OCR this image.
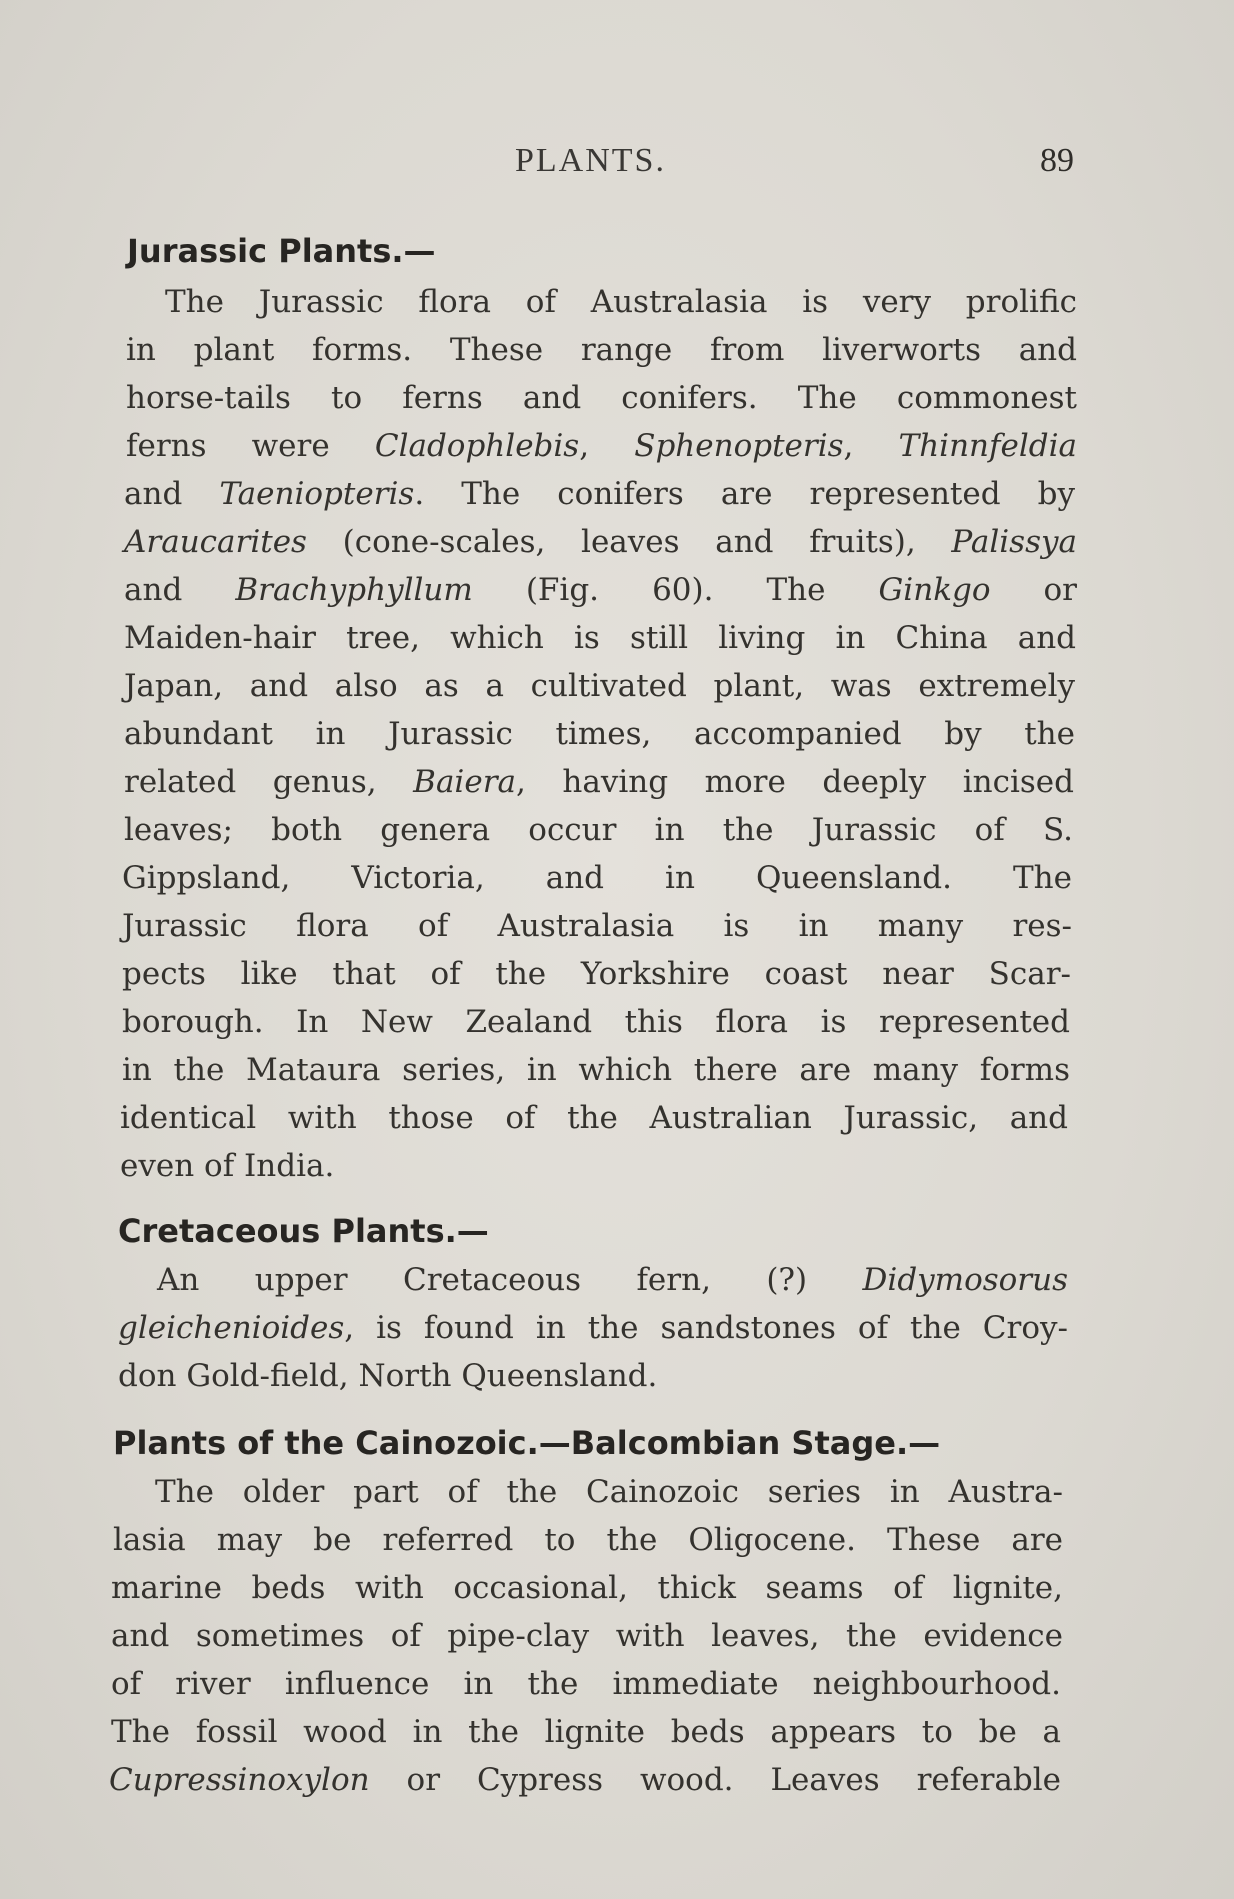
PLANTS.	89
Jurassic Plants.—
The Jurassic flora of Australasia is very prolific
in plant forms. These range from liverworts and
horse-tails to ferns and conifers. The commonest
ferns were Cladophlebis, Sphenopteris, Thinnfeldia
and Taeniopteris. The conifers are represented by
Araucarites (cone-scales, leaves and fruits), Palissya
and Brachyphyllum (Fig. 60). The Ginkgo or
Maiden-hair tree, which is still living in China and
Japan, and also as a cultivated plant, was extremely
abundant in Jurassic times, accompanied by the
related genus, Baiera, having more deeply incised
leaves; both genera occur in the Jurassic of S.
Gippsland, Victoria, and in Queensland. The
Jurassic flora of Australasia is in many res-
pects like that of the Yorkshire coast near Scar-
borough. In New Zealand this flora is represented
in the Mataura series, in which there are many forms
identical with those of the Australian Jurassic, and
even of India.
Cretaceous Plants.—
An upper Cretaceous fern, (?) Didymosorus
gleichenioides, is found in the sandstones of the Croy-
don Gold-field, North Queensland.
Plants of the Cainozoic.—Balcombian Stage.—
The older part of the Cainozoic series in Austra-
lasia may be referred to the Oligocene. These are
marine beds with occasional, thick seams of lignite,
and sometimes of pipe-clay with leaves, the evidence
of river influence in the immediate neighbourhood.
The fossil wood in the lignite beds appears to be a
Cupressinoxylon or Cypress wood. Leaves referable
